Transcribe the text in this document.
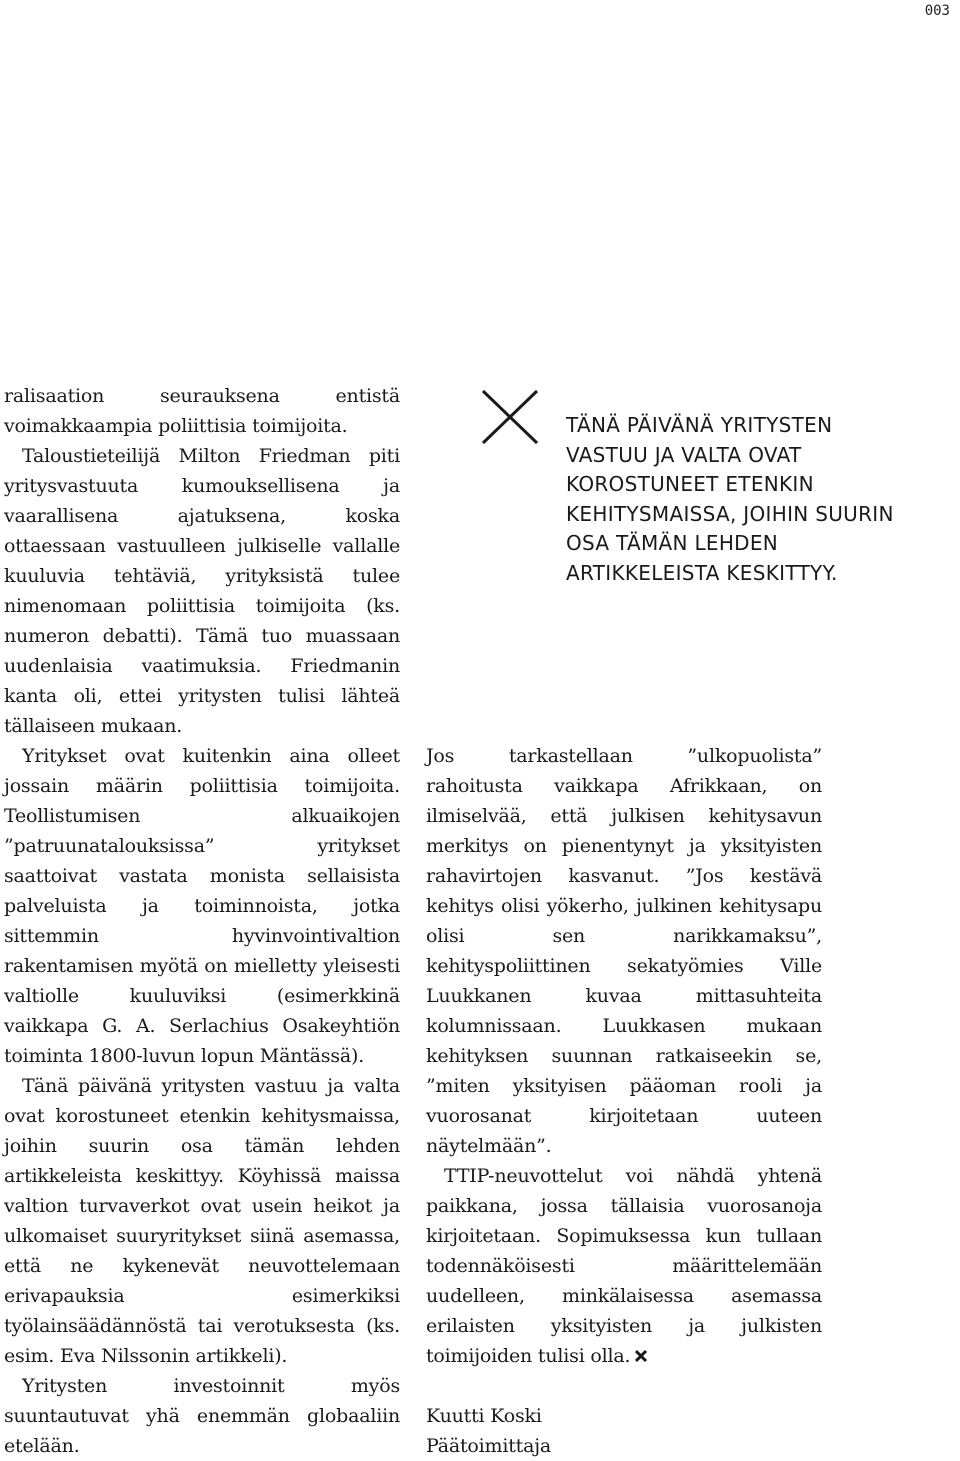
003

ralisaation seurauksena entistä voimakkaampia poliittisia toimijoita.

Taloustieteilijä Milton Friedman piti yritysvastuuta kumouksellisena ja vaarallisena ajatuksena, koska ottaessaan vastuulleen julkiselle vallalle kuuluvia tehtäviä, yrityksistä tulee nimenomaan poliittisia toimijoita (ks. numeron debatti). Tämä tuo muassaan uudenlaisia vaatimuksia. Friedmanin kanta oli, ettei yritysten tulisi lähteä tällaiseen mukaan.

Yritykset ovat kuitenkin aina olleet jossain määrin poliittisia toimijoita. Teollistumisen alkuaikojen ”patruunatalouksissa” yritykset saattoivat vastata monista sellaisista palveluista ja toiminnoista, jotka sittemmin hyvinvointivaltion rakentamisen myötä on mielletty yleisesti valtiolle kuuluviksi (esimerkkinä vaikkapa G. A. Serlachius Osakeyhtiön toiminta 1800-luvun lopun Mäntässä).

Tänä päivänä yritysten vastuu ja valta ovat korostuneet etenkin kehitysmaissa, joihin suurin osa tämän lehden artikkeleista keskittyy. Köyhissä maissa valtion turvaverkot ovat usein heikot ja ulkomaiset suuryritykset siinä asemassa, että ne kykenevät neuvottelemaan erivapauksia esimerkiksi työlainsäädännöstä tai verotuksesta (ks. esim. Eva Nilssonin artikkeli).

Yritysten investoinnit myös suuntautuvat yhä enemmän globaaliin etelään.

TÄNÄ PÄIVÄNÄ YRITYSTEN VASTUU JA VALTA OVAT KOROSTUNEET ETENKIN KEHITYSMAISSA, JOIHIN SUURIN OSA TÄMÄN LEHDEN ARTIKKELEISTA KESKITTYY.

Jos tarkastellaan ”ulkopuolista” rahoitusta vaikkapa Afrikkaan, on ilmiselvää, että julkisen kehitysavun merkitys on pienentynyt ja yksityisten rahavirtojen kasvanut. ”Jos kestävä kehitys olisi yökerho, julkinen kehitysapu olisi sen narikkamaksu”, kehityspoliittinen sekatyömies Ville Luukkanen kuvaa mittasuhteita kolumnissaan. Luukkasen mukaan kehityksen suunnan ratkaiseekin se, ”miten yksityisen pääoman rooli ja vuorosanat kirjoitetaan uuteen näytelmään”.

TTIP-neuvottelut voi nähdä yhtenä paikkana, jossa tällaisia vuorosanoja kirjoitetaan. Sopimuksessa kun tullaan todennäköisesti määrittelemään uudelleen, minkälaisessa asemassa erilaisten yksityisten ja julkisten toimijoiden tulisi olla.

Kuutti Koski

Päätoimittaja
